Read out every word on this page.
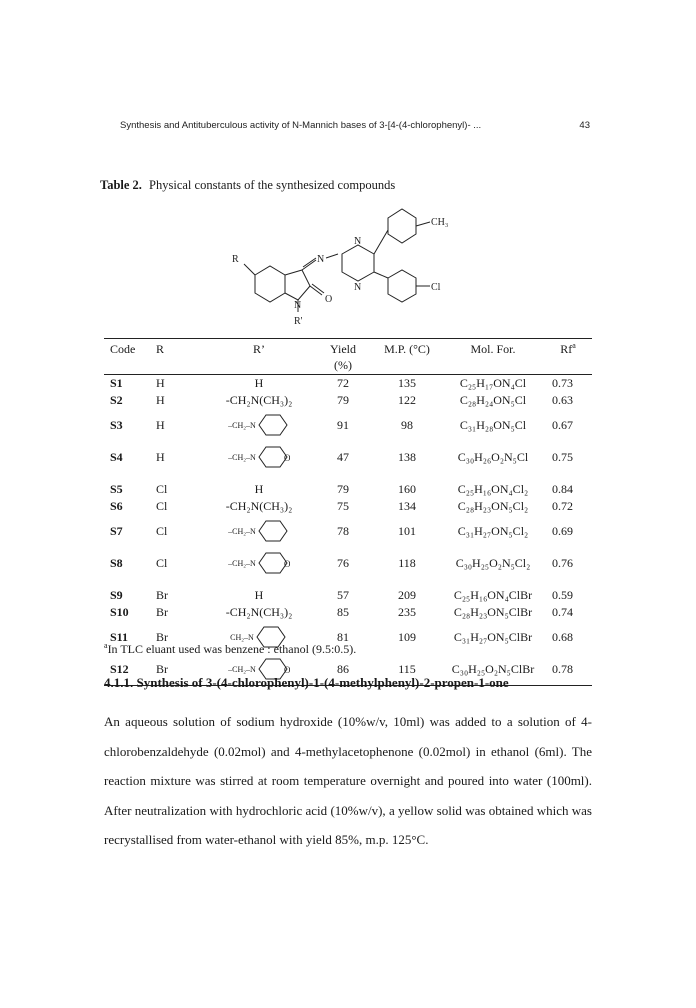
Synthesis and Antituberculous activity of N-Mannich bases of 3-[4-(4-chlorophenyl)- ...	43
Table 2. Physical constants of the synthesized compounds
CH₃
Cl
R	N
N
N
N
O
R'
Code	R	R’	Yield	M.P. (°C)	Mol. For.	Rf$^a$
			(%)			
S1	H	H	72	135	C₂₅H₁₇ON₄Cl	0.73
S2	H	-CH₂N(CH₃)₂	79	122	C₂₈H₂₄ON₅Cl	0.63
S3	H	–CH₂–N	91	98	C₃₁H₂₈ON₅Cl	0.67
S4	H	–CH₂–N O	47	138	C₃₀H₂₆O₂N₅Cl	0.75
S5	Cl	H	79	160	C₂₅H₁₆ON₄Cl₂	0.84
S6	Cl	-CH₂N(CH₃)₂	75	134	C₂₈H₂₃ON₅Cl₂	0.72
S7	Cl	–CH₂–N	78	101	C₃₁H₂₇ON₅Cl₂	0.69
S8	Cl	–CH₂–N O	76	118	C₃₀H₂₅O₂N₅Cl₂	0.76
S9	Br	H	57	209	C₂₅H₁₆ON₄ClBr	0.59
S10	Br	-CH₂N(CH₃)₂	85	235	C₂₈H₂₃ON₅ClBr	0.74
S11	Br	CH₂–N	81	109	C₃₁H₂₇ON₅ClBr	0.68
S12	Br	–CH₂–N O	86	115	C₃₀H₂₅O₂N₅ClBr	0.78
$^a$In TLC eluant used was benzene : ethanol (9.5:0.5).
4.1.1. Synthesis of 3-(4-chlorophenyl)-1-(4-methylphenyl)-2-propen-1-one

An aqueous solution of sodium hydroxide (10%w/v, 10ml) was added to a solution of 4-chlorobenzaldehyde (0.02mol) and 4-methylacetophenone (0.02mol) in ethanol (6ml). The reaction mixture was stirred at room temperature overnight and poured into water (100ml). After neutralization with hydrochloric acid (10%w/v), a yellow solid was obtained which was recrystallised from water-ethanol with yield 85%, m.p. 125°C.
